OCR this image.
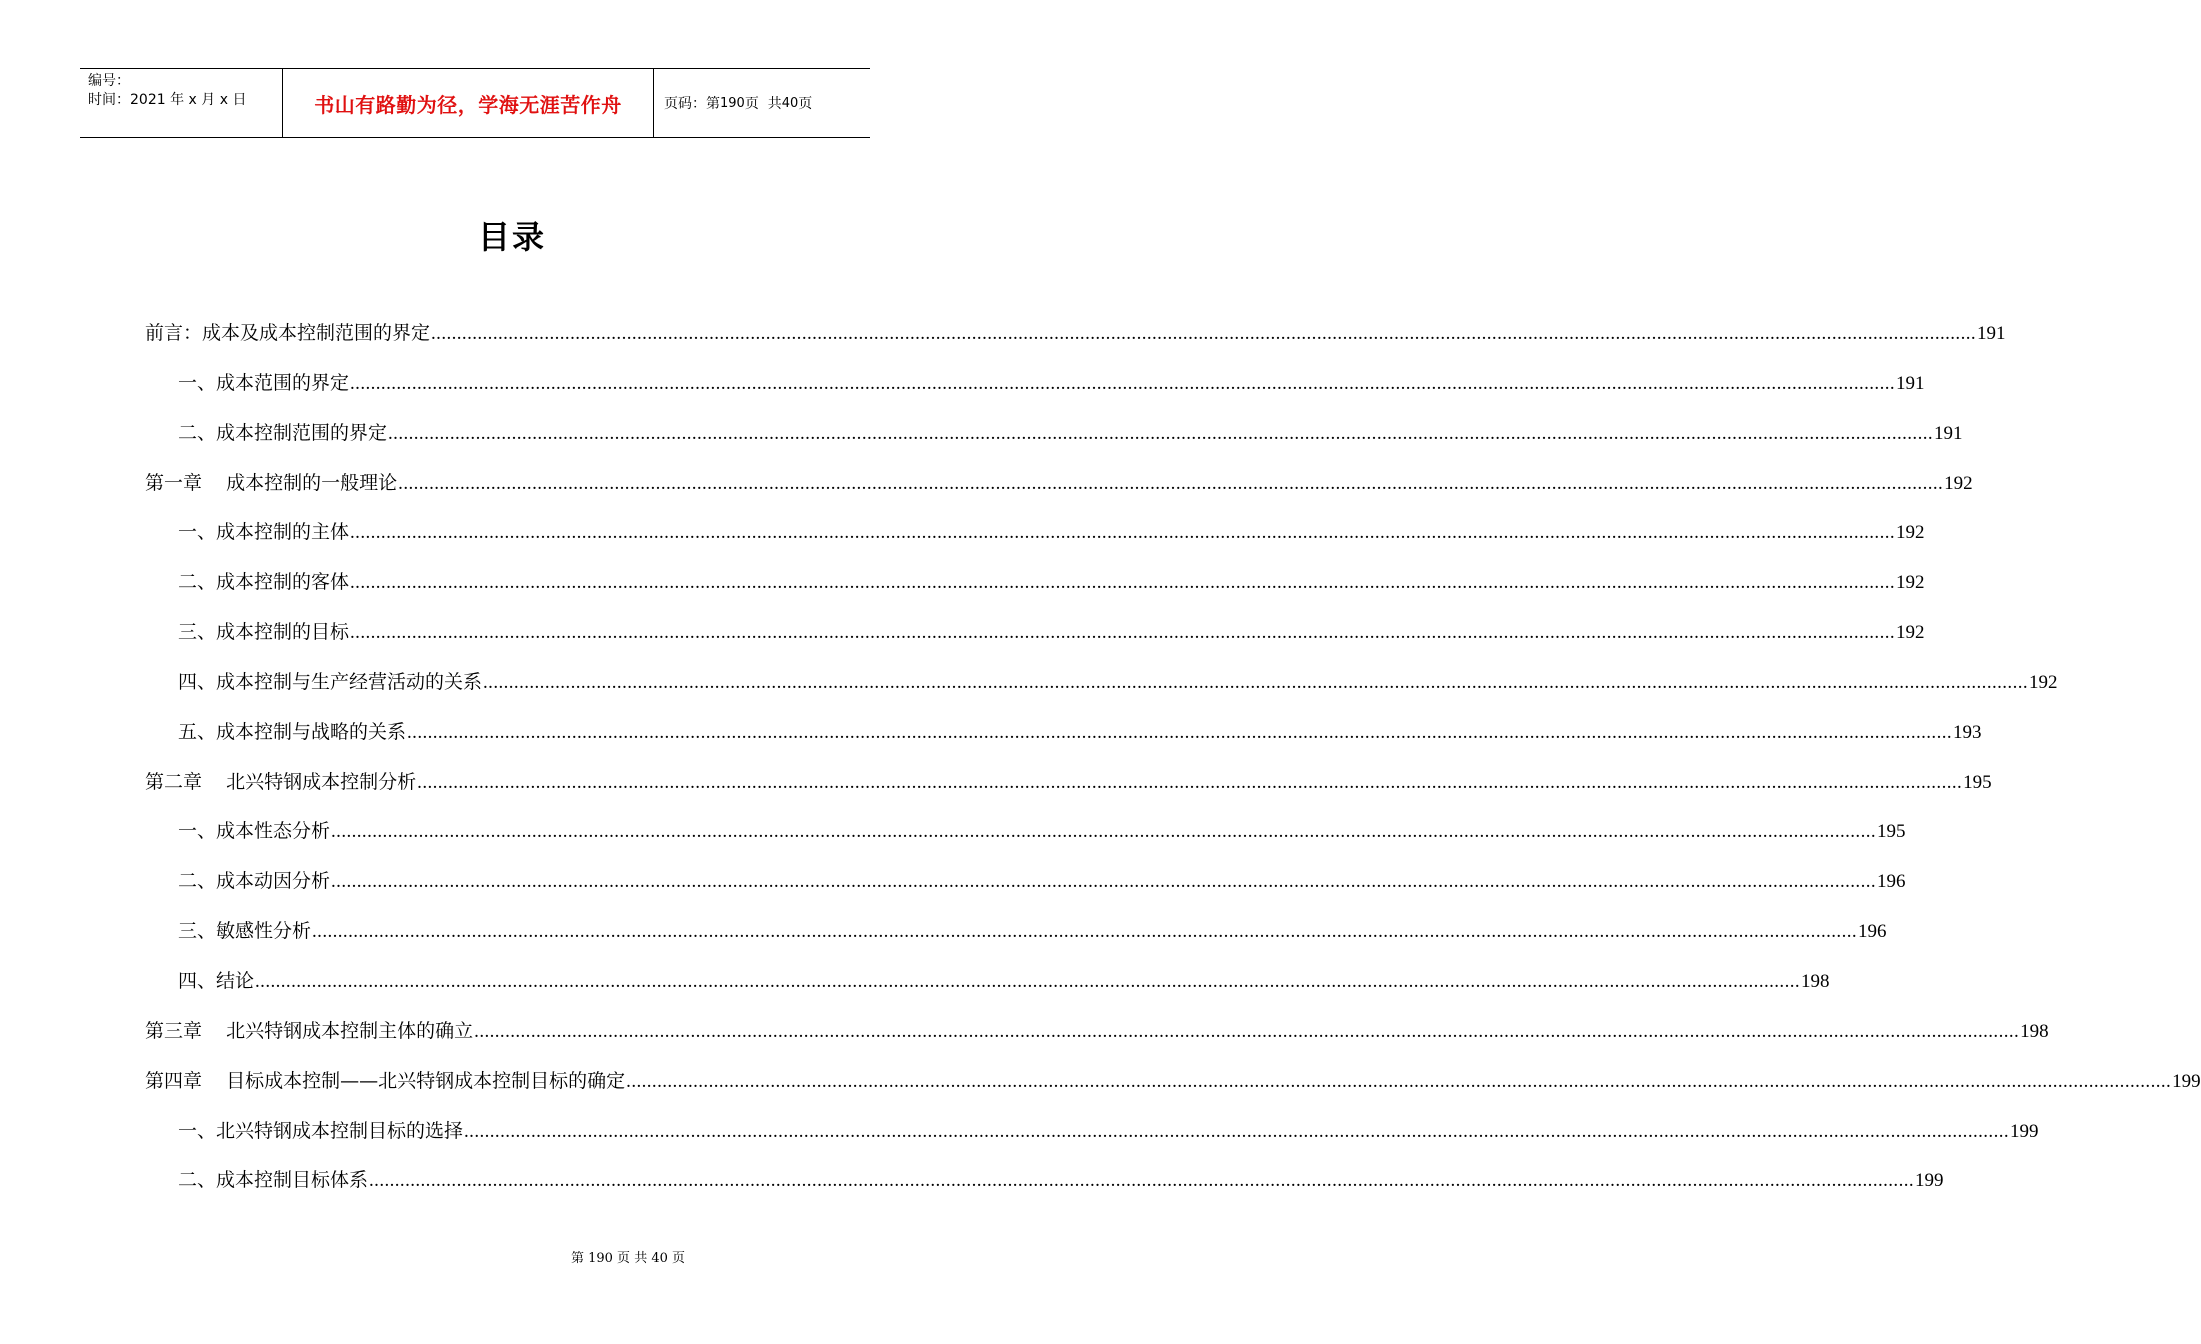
编号：
时间：2021 年 x 月 x 日	书山有路勤为径，学海无涯苦作舟	页码：第 190 页  共 40 页
目录
前言：成本及成本控制范围的界定 ............................................................................................................................................................................................................................................................................................................ 191
一、成本范围的界定 ............................................................................................................................................................................................................................................................................................................ 191
二、成本控制范围的界定 ............................................................................................................................................................................................................................................................................................................ 191
第一章    成本控制的一般理论 ............................................................................................................................................................................................................................................................................................................ 192
一、成本控制的主体 ............................................................................................................................................................................................................................................................................................................ 192
二、成本控制的客体 ............................................................................................................................................................................................................................................................................................................ 192
三、成本控制的目标 ............................................................................................................................................................................................................................................................................................................ 192
四、成本控制与生产经营活动的关系 ............................................................................................................................................................................................................................................................................................................ 192
五、成本控制与战略的关系 ............................................................................................................................................................................................................................................................................................................ 193
第二章    北兴特钢成本控制分析 ............................................................................................................................................................................................................................................................................................................ 195
一、成本性态分析 ............................................................................................................................................................................................................................................................................................................ 195
二、成本动因分析 ............................................................................................................................................................................................................................................................................................................ 196
三、敏感性分析 ............................................................................................................................................................................................................................................................................................................ 196
四、结论 ............................................................................................................................................................................................................................................................................................................ 198
第三章    北兴特钢成本控制主体的确立 ............................................................................................................................................................................................................................................................................................................ 198
第四章    目标成本控制——北兴特钢成本控制目标的确定 ............................................................................................................................................................................................................................................................................................................ 199
一、北兴特钢成本控制目标的选择 ............................................................................................................................................................................................................................................................................................................ 199
二、成本控制目标体系 ............................................................................................................................................................................................................................................................................................................ 199
第 190 页 共 40 页
